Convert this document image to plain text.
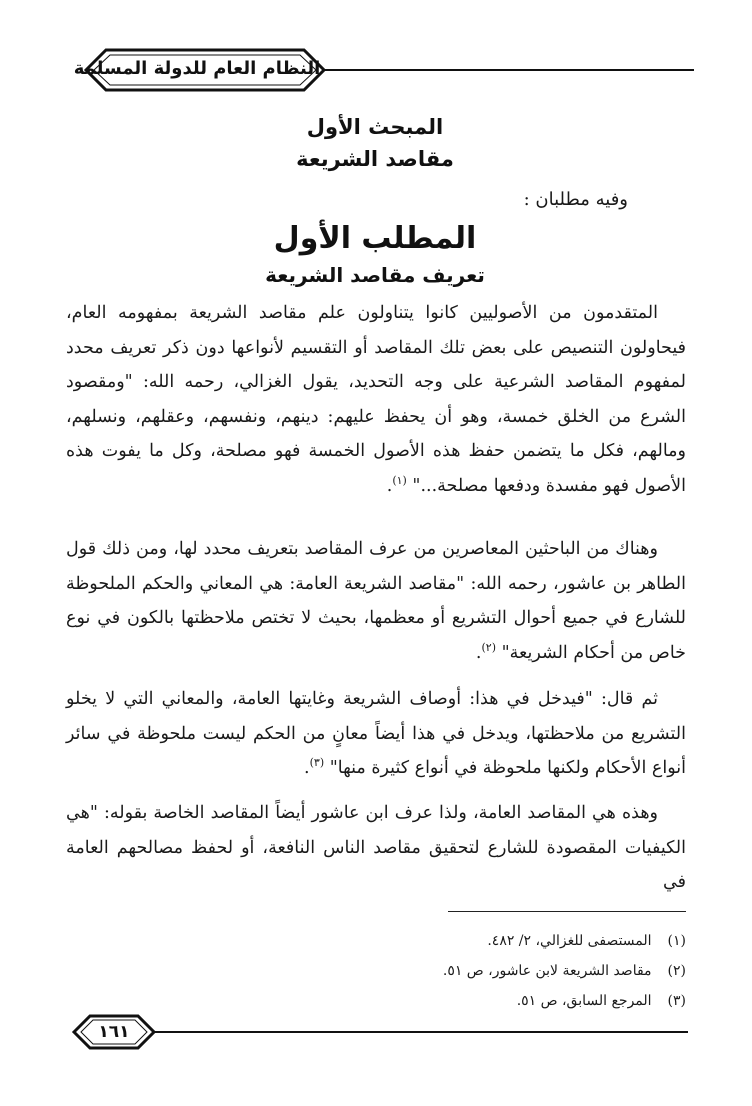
النظام العام للدولة المسلمة
المبحث الأول
مقاصد الشريعة
وفيه مطلبان :
المطلب الأول
تعريف مقاصد الشريعة

المتقدمون من الأصوليين كانوا يتناولون علم مقاصد الشريعة بمفهومه العام، فيحاولون التنصيص على بعض تلك المقاصد أو التقسيم لأنواعها دون ذكر تعريف محدد لمفهوم المقاصد الشرعية على وجه التحديد، يقول الغزالي، رحمه الله: "ومقصود الشرع من الخلق خمسة، وهو أن يحفظ عليهم: دينهم، ونفسهم، وعقلهم، ونسلهم، ومالهم، فكل ما يتضمن حفظ هذه الأصول الخمسة فهو مصلحة، وكل ما يفوت هذه الأصول فهو مفسدة ودفعها مصلحة..." $^{(١)}$.

وهناك من الباحثين المعاصرين من عرف المقاصد بتعريف محدد لها، ومن ذلك قول الطاهر بن عاشور، رحمه الله: "مقاصد الشريعة العامة: هي المعاني والحكم الملحوظة للشارع في جميع أحوال التشريع أو معظمها، بحيث لا تختص ملاحظتها بالكون في نوع خاص من أحكام الشريعة" $^{(٢)}$.

ثم قال: "فيدخل في هذا: أوصاف الشريعة وغايتها العامة، والمعاني التي لا يخلو التشريع من ملاحظتها، ويدخل في هذا أيضاً معانٍ من الحكم ليست ملحوظة في سائر أنواع الأحكام ولكنها ملحوظة في أنواع كثيرة منها" $^{(٣)}$.

وهذه هي المقاصد العامة، ولذا عرف ابن عاشور أيضاً المقاصد الخاصة بقوله: "هي الكيفيات المقصودة للشارع لتحقيق مقاصد الناس النافعة، أو لحفظ مصالحهم العامة في

(١) المستصفى للغزالي، ٢/ ٤٨٢.
(٢) مقاصد الشريعة لابن عاشور، ص ٥١.
(٣) المرجع السابق، ص ٥١.
١٦١
